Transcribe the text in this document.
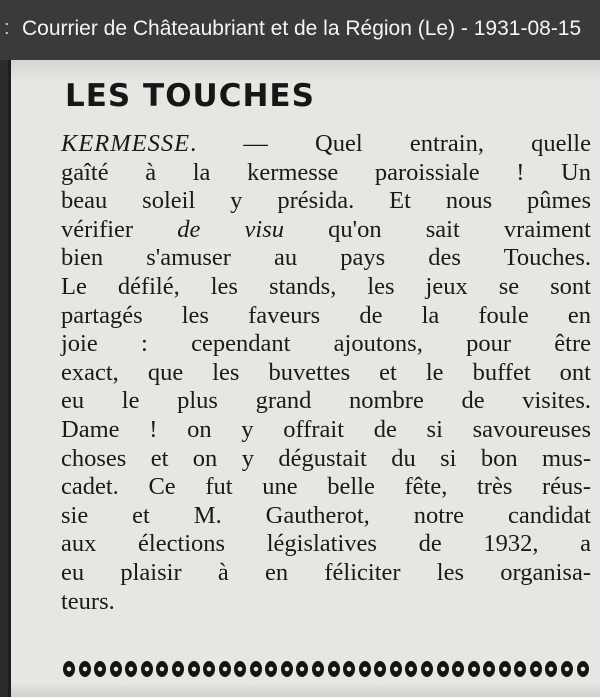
: Courrier de Châteaubriant et de la Région (Le) - 1931-08-15
LES TOUCHES
KERMESSE. — Quel entrain, quelle
gaîté à la kermesse paroissiale ! Un
beau soleil y présida. Et nous pûmes
vérifier de visu qu'on sait vraiment
bien s'amuser au pays des Touches.
Le défilé, les stands, les jeux se sont
partagés les faveurs de la foule en
joie : cependant ajoutons, pour être
exact, que les buvettes et le buffet ont
eu le plus grand nombre de visites.
Dame ! on y offrait de si savoureuses
choses et on y dégustait du si bon mus-
cadet. Ce fut une belle fête, très réus-
sie et M. Gautherot, notre candidat
aux élections législatives de 1932, a
eu plaisir à en féliciter les organisa-
teurs.
